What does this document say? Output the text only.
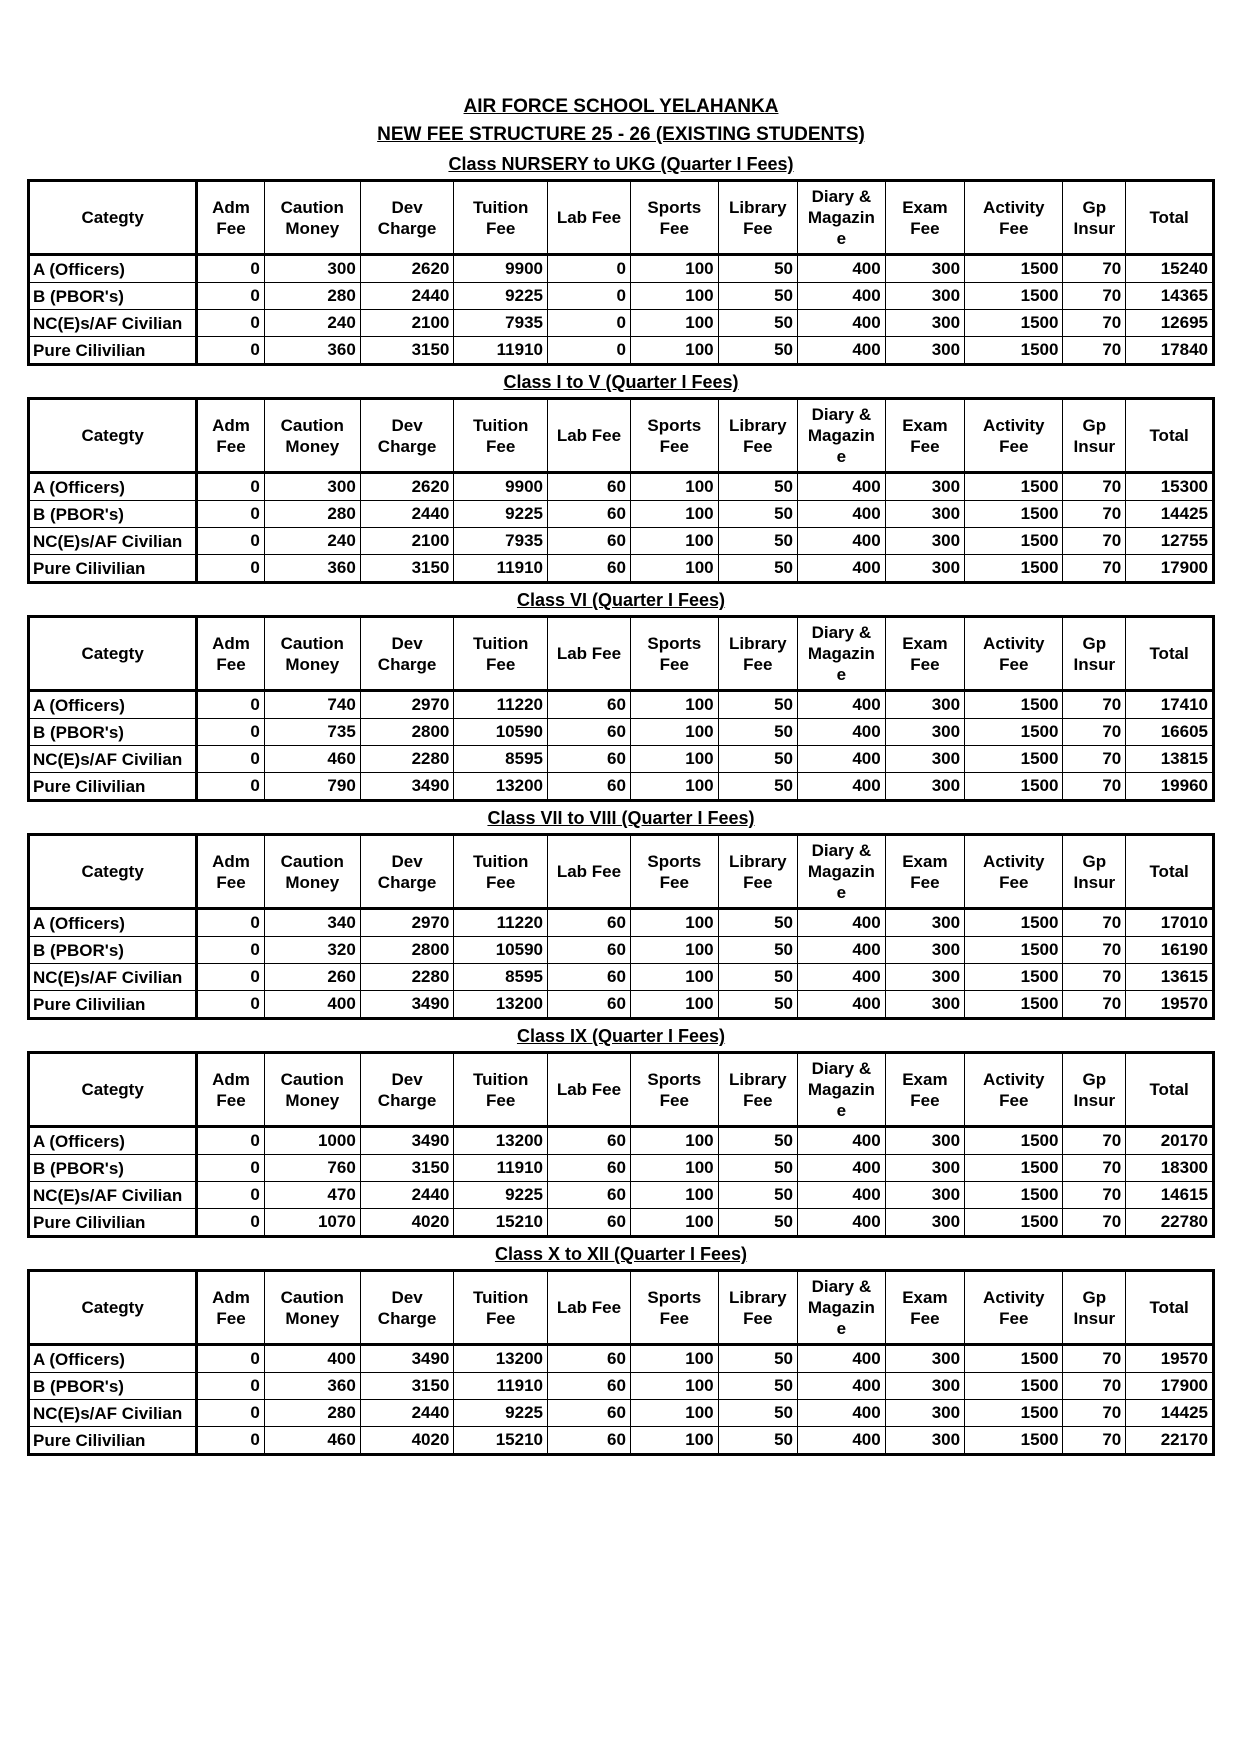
AIR FORCE SCHOOL YELAHANKA
NEW FEE STRUCTURE 25 - 26 (EXISTING STUDENTS)
Class NURSERY to UKG (Quarter I Fees)
Categty	Adm Fee	Caution Money	Dev Charge	Tuition Fee	Lab Fee	Sports Fee	Library Fee	Diary & Magazine	Exam Fee	Activity Fee	Gp Insur	Total
A (Officers)	0	300	2620	9900	0	100	50	400	300	1500	70	15240
B (PBOR's)	0	280	2440	9225	0	100	50	400	300	1500	70	14365
NC(E)s/AF Civilian	0	240	2100	7935	0	100	50	400	300	1500	70	12695
Pure Cilivilian	0	360	3150	11910	0	100	50	400	300	1500	70	17840
Class I to V (Quarter I Fees)
Categty	Adm Fee	Caution Money	Dev Charge	Tuition Fee	Lab Fee	Sports Fee	Library Fee	Diary & Magazine	Exam Fee	Activity Fee	Gp Insur	Total
A (Officers)	0	300	2620	9900	60	100	50	400	300	1500	70	15300
B (PBOR's)	0	280	2440	9225	60	100	50	400	300	1500	70	14425
NC(E)s/AF Civilian	0	240	2100	7935	60	100	50	400	300	1500	70	12755
Pure Cilivilian	0	360	3150	11910	60	100	50	400	300	1500	70	17900
Class VI (Quarter I Fees)
Categty	Adm Fee	Caution Money	Dev Charge	Tuition Fee	Lab Fee	Sports Fee	Library Fee	Diary & Magazine	Exam Fee	Activity Fee	Gp Insur	Total
A (Officers)	0	740	2970	11220	60	100	50	400	300	1500	70	17410
B (PBOR's)	0	735	2800	10590	60	100	50	400	300	1500	70	16605
NC(E)s/AF Civilian	0	460	2280	8595	60	100	50	400	300	1500	70	13815
Pure Cilivilian	0	790	3490	13200	60	100	50	400	300	1500	70	19960
Class VII to VIII (Quarter I Fees)
Categty	Adm Fee	Caution Money	Dev Charge	Tuition Fee	Lab Fee	Sports Fee	Library Fee	Diary & Magazine	Exam Fee	Activity Fee	Gp Insur	Total
A (Officers)	0	340	2970	11220	60	100	50	400	300	1500	70	17010
B (PBOR's)	0	320	2800	10590	60	100	50	400	300	1500	70	16190
NC(E)s/AF Civilian	0	260	2280	8595	60	100	50	400	300	1500	70	13615
Pure Cilivilian	0	400	3490	13200	60	100	50	400	300	1500	70	19570
Class IX (Quarter I Fees)
Categty	Adm Fee	Caution Money	Dev Charge	Tuition Fee	Lab Fee	Sports Fee	Library Fee	Diary & Magazine	Exam Fee	Activity Fee	Gp Insur	Total
A (Officers)	0	1000	3490	13200	60	100	50	400	300	1500	70	20170
B (PBOR's)	0	760	3150	11910	60	100	50	400	300	1500	70	18300
NC(E)s/AF Civilian	0	470	2440	9225	60	100	50	400	300	1500	70	14615
Pure Cilivilian	0	1070	4020	15210	60	100	50	400	300	1500	70	22780
Class X to XII (Quarter I Fees)
Categty	Adm Fee	Caution Money	Dev Charge	Tuition Fee	Lab Fee	Sports Fee	Library Fee	Diary & Magazine	Exam Fee	Activity Fee	Gp Insur	Total
A (Officers)	0	400	3490	13200	60	100	50	400	300	1500	70	19570
B (PBOR's)	0	360	3150	11910	60	100	50	400	300	1500	70	17900
NC(E)s/AF Civilian	0	280	2440	9225	60	100	50	400	300	1500	70	14425
Pure Cilivilian	0	460	4020	15210	60	100	50	400	300	1500	70	22170
